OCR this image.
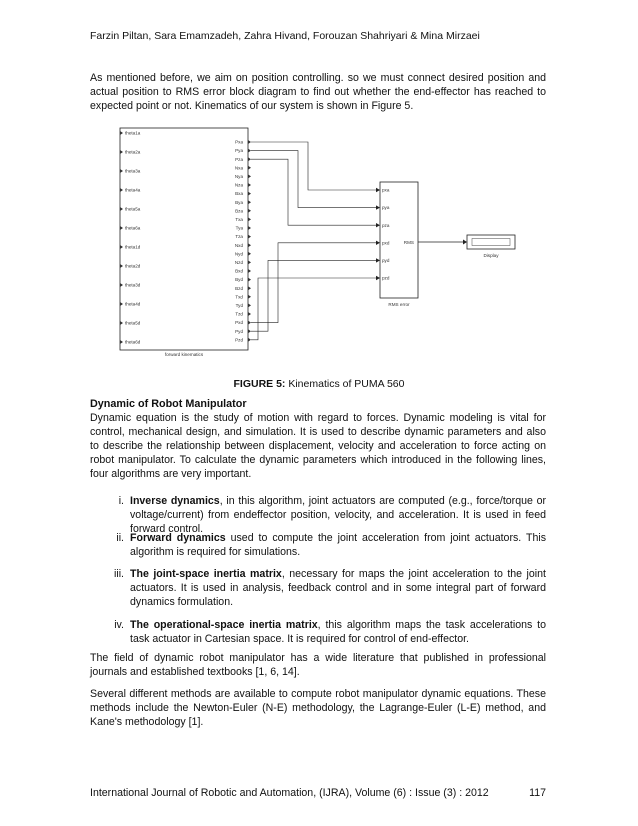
Farzin Piltan, Sara Emamzadeh, Zahra Hivand, Forouzan Shahriyari & Mina Mirzaei

As mentioned before, we aim on position controlling. so we must connect desired position and actual position to RMS error block diagram to find out whether the end-effector has reached to expected point or not. Kinematics of our system is shown in Figure 5.

forward kinematics
theta1a
theta2a
theta3a
theta4a
theta5a
theta6a
theta1d
theta2d
theta3d
theta4d
theta5d
theta6d
Pxa
Pya
Pza
Nxa
Nya
Nza
Bxa
Bya
Bza
Txa
Tya
Tza
Nxd
Nyd
Nzd
Bxd
Byd
Bzd
Txd
Tyd
Tzd
Pxd
Pyd
Pzd
RMS error
pxa
pya
pza
pxd
pyd
pzd
RMS
Display
FIGURE 5: Kinematics of PUMA 560
Dynamic of Robot Manipulator

Dynamic equation is the study of motion with regard to forces. Dynamic modeling is vital for control, mechanical design, and simulation. It is used to describe dynamic parameters and also to describe the relationship between displacement, velocity and acceleration to force acting on robot manipulator. To calculate the dynamic parameters which introduced in the following lines, four algorithms are very important.

i. Inverse dynamics, in this algorithm, joint actuators are computed (e.g., force/torque or voltage/current) from endeffector position, velocity, and acceleration. It is used in feed forward control.
ii. Forward dynamics used to compute the joint acceleration from joint actuators. This algorithm is required for simulations.
iii. The joint-space inertia matrix, necessary for maps the joint acceleration to the joint actuators. It is used in analysis, feedback control and in some integral part of forward dynamics formulation.
iv. The operational-space inertia matrix, this algorithm maps the task accelerations to task actuator in Cartesian space. It is required for control of end-effector.

The field of dynamic robot manipulator has a wide literature that published in professional journals and established textbooks [1, 6, 14].

Several different methods are available to compute robot manipulator dynamic equations. These methods include the Newton-Euler (N-E) methodology, the Lagrange-Euler (L-E) method, and Kane's methodology [1].

International Journal of Robotic and Automation, (IJRA), Volume (6) : Issue (3) : 2012	117
